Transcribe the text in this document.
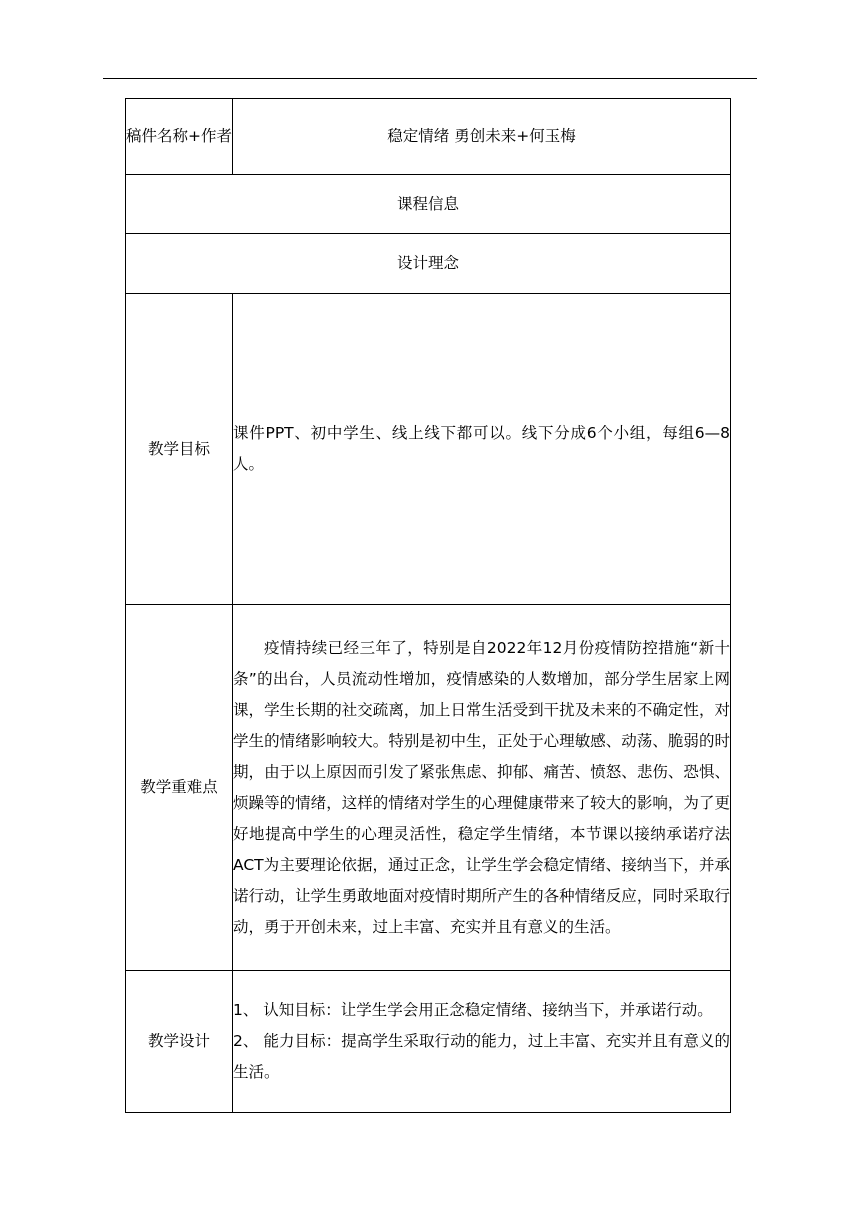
稿件名称+作者	稳定情绪 勇创未来+何玉梅
课程信息	
设计理念	
教学目标	课件PPT、初中学生、线上线下都可以。线下分成6个小组，每组6—8人。

教学重难点	疫情持续已经三年了，特别是自2022年12月份疫情防控措施“新十条”的出台，人员流动性增加，疫情感染的人数增加，部分学生居家上网课，学生长期的社交疏离，加上日常生活受到干扰及未来的不确定性，对学生的情绪影响较大。特别是初中生，正处于心理敏感、动荡、脆弱的时期，由于以上原因而引发了紧张焦虑、抑郁、痛苦、愤怒、悲伤、恐惧、烦躁等的情绪，这样的情绪对学生的心理健康带来了较大的影响，为了更好地提高中学生的心理灵活性，稳定学生情绪，本节课以接纳承诺疗法ACT为主要理论依据，通过正念，让学生学会稳定情绪、接纳当下，并承诺行动，让学生勇敢地面对疫情时期所产生的各种情绪反应，同时采取行动，勇于开创未来，过上丰富、充实并且有意义的生活。

教学设计	1、 认知目标：让学生学会用正念稳定情绪、接纳当下，并承诺行动。

2、 能力目标：提高学生采取行动的能力，过上丰富、充实并且有意义的生活。
